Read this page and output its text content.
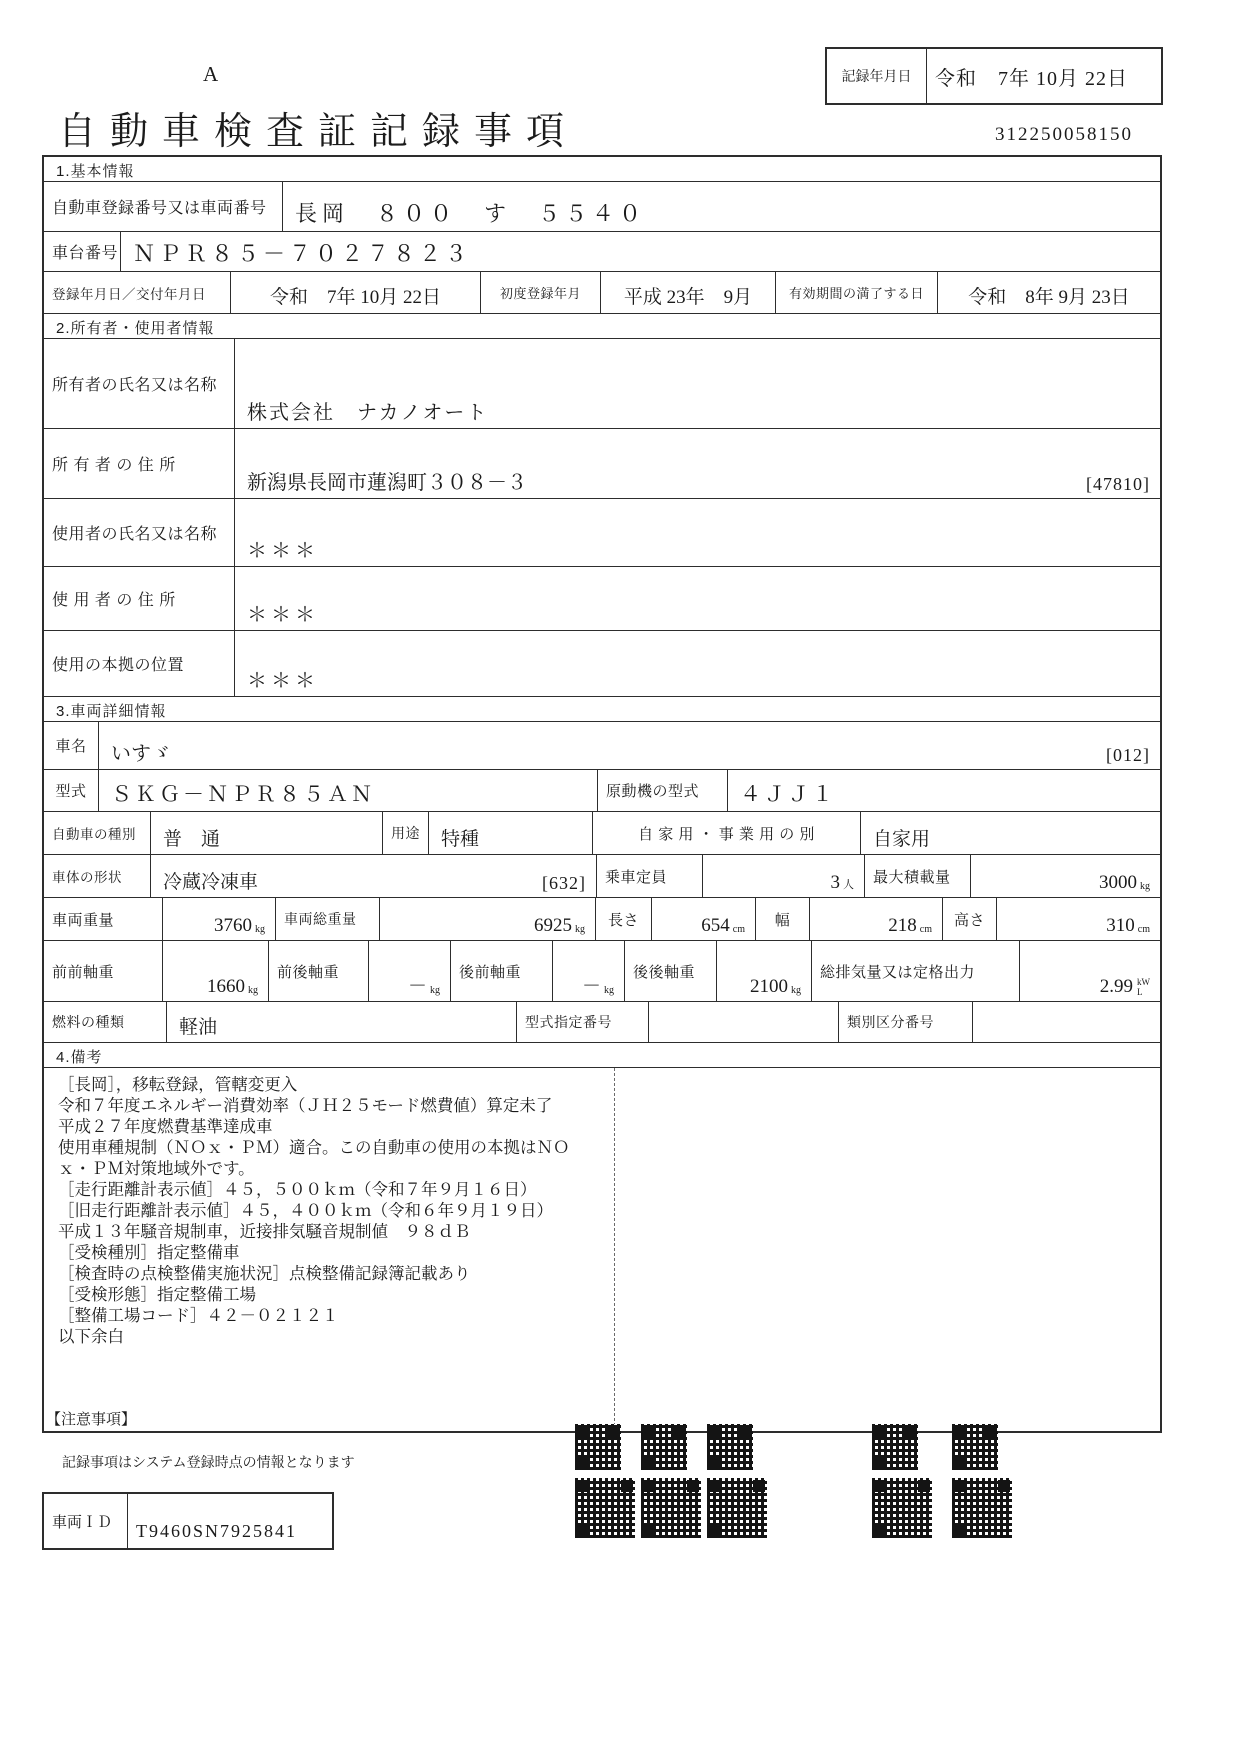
A
自動車検査証記録事項	312250058150
記録年月日	令和　7年 10月 22日
1.基本情報
自動車登録番号又は車両番号	長岡　８００　す　５５４０
車台番号 ＮＰＲ８５－７０２７８２３
登録年月日／交付年月日	令和　7年 10月 22日	初度登録年月	平成 23年　9月	有効期間の満了する日	令和　8年 9月 23日
2.所有者・使用者情報
所有者の氏名又は名称
株式会社　ナカノオート
所 有 者 の 住 所
新潟県長岡市蓮潟町３０８－３	[47810]
使用者の氏名又は名称
＊＊＊
使 用 者 の 住 所
＊＊＊
使用の本拠の位置
＊＊＊
3.車両詳細情報
車名	いすゞ	[012]
型式	ＳＫＧ－ＮＰＲ８５ＡＮ	原動機の型式	４ＪＪ１
自動車の種別	普　通	用途	特種	自 家 用 ・ 事 業 用 の 別	自家用
車体の形状	冷蔵冷凍車	[632]	乗車定員	3 人	最大積載量	3000 kg
車両重量	3760 kg
車両総重量	6925 kg
長さ	654 cm
幅	218 cm
高さ	310 cm
前前軸重
1660 kg
前後軸重
－ kg
後前軸重
－ kg
後後軸重
2100 kg
総排気量又は定格出力
2.99 kW
L
燃料の種類	軽油	型式指定番号	類別区分番号
4.備考
［長岡］，移転登録，管轄変更入
令和７年度エネルギー消費効率（ＪＨ２５モード燃費値）算定未了
平成２７年度燃費基準達成車
使用車種規制（ＮＯｘ・ＰＭ）適合。この自動車の使用の本拠はＮＯ
ｘ・ＰＭ対策地域外です。
［走行距離計表示値］４５，５００ｋｍ（令和７年９月１６日）
［旧走行距離計表示値］４５，４００ｋｍ（令和６年９月１９日）
平成１３年騒音規制車，近接排気騒音規制値　９８ｄＢ
［受検種別］指定整備車
［検査時の点検整備実施状況］点検整備記録簿記載あり
［受検形態］指定整備工場
［整備工場コード］４２－０２１２１
以下余白
【注意事項】
記録事項はシステム登録時点の情報となります
車両ＩＤ	T9460SN7925841
